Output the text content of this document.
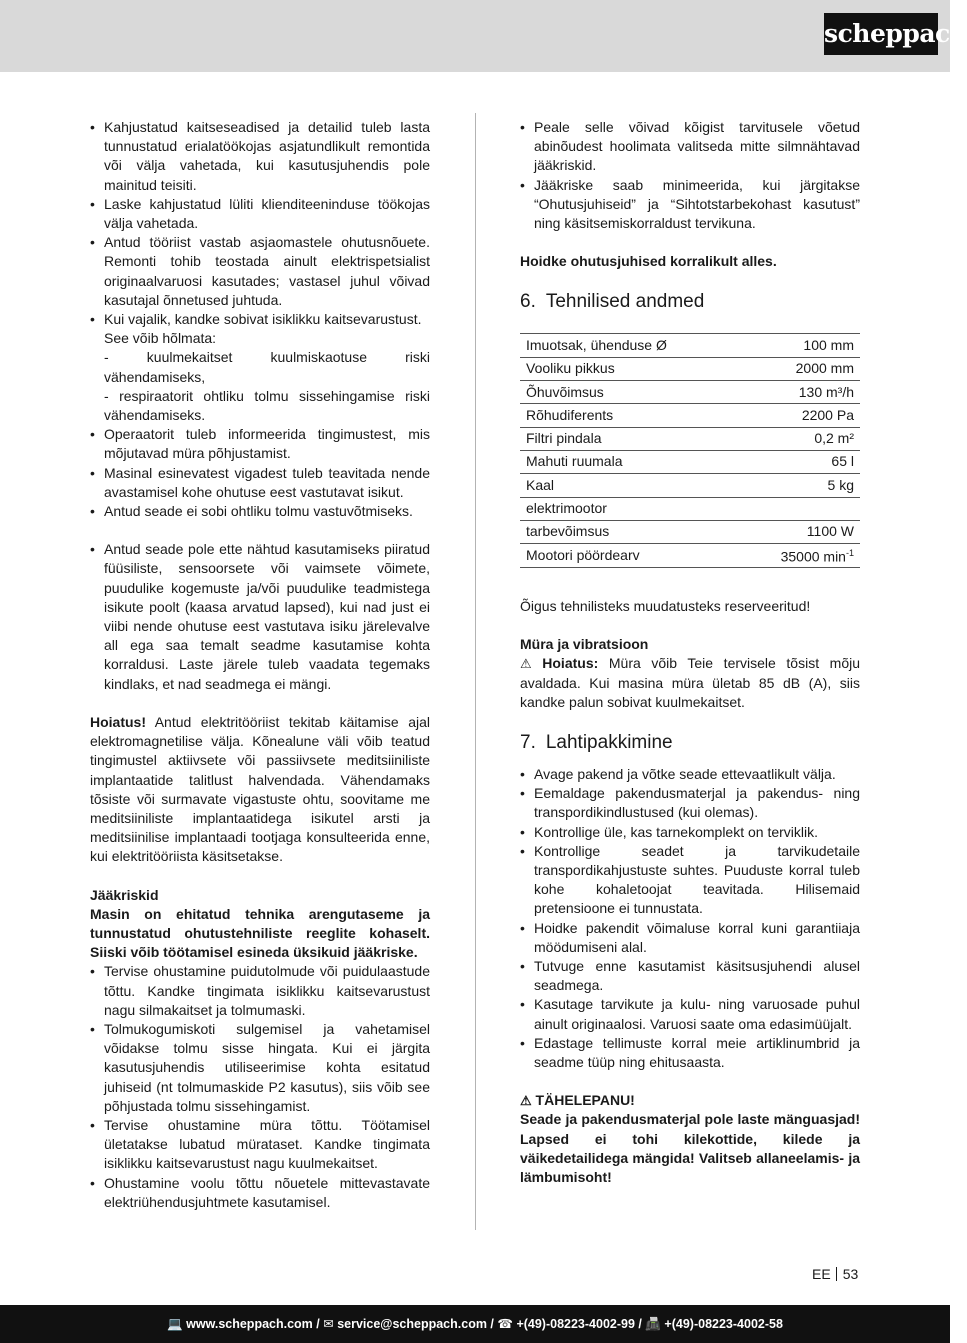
scheppach
• Kahjustatud kaitseseadised ja detailid tuleb lasta tunnustatud erialatöökojas asjatundlikult remontida või välja vahetada, kui kasutusjuhendis pole mainitud teisiti.
• Laske kahjustatud lüliti klienditeeninduse töökojas välja vahetada.
• Antud tööriist vastab asjaomastele ohutusnõuete. Remonti tohib teostada ainult elektrispetsialist originaalvaruosi kasutades; vastasel juhul võivad kasutajal õnnetused juhtuda.
• Kui vajalik, kandke sobivat isiklikku kaitsevarustust.
See võib hõlmata:
- kuulmekaitset kuulmiskaotuse riski vähendamiseks,
- respiraatorit ohtliku tolmu sissehingamise riski vähendamiseks.
• Operaatorit tuleb informeerida tingimustest, mis mõjutavad müra põhjustamist.
• Masinal esinevatest vigadest tuleb teavitada nende avastamisel kohe ohutuse eest vastutavat isikut.
• Antud seade ei sobi ohtliku tolmu vastuvõtmiseks.
• Antud seade pole ette nähtud kasutamiseks piiratud füüsiliste, sensoorsete või vaimsete võimete, puudulike kogemuste ja/või puudulike teadmistega isikute poolt (kaasa arvatud lapsed), kui nad just ei viibi nende ohutuse eest vastutava isiku järelevalve all ega saa temalt seadme kasutamise kohta korraldusi. Laste järele tuleb vaadata tegemaks kindlaks, et nad seadmega ei mängi.

Hoiatus! Antud elektritööriist tekitab käitamise ajal elektromagnetilise välja. Kõnealune väli võib teatud tingimustel aktiivsete või passiivsete meditsiiniliste implantaatide talitlust halvendada. Vähendamaks tõsiste või surmavate vigastuste ohtu, soovitame me meditsiiniliste implantaatidega isikutel arsti ja meditsiinilise implantaadi tootjaga konsulteerida enne, kui elektritööriista käsitsetakse.

Jääkriskid

Masin on ehitatud tehnika arengutaseme ja tunnustatud ohutustehniliste reeglite kohaselt. Siiski võib töötamisel esineda üksikuid jääkriske.

• Tervise ohustamine puidutolmude või puidulaastude tõttu. Kandke tingimata isiklikku kaitsevarustust nagu silmakaitset ja tolmumaski.
• Tolmukogumiskoti sulgemisel ja vahetamisel võidakse tolmu sisse hingata. Kui ei järgita kasutusjuhendis utiliseerimise kohta esitatud juhiseid (nt tolmumaskide P2 kasutus), siis võib see põhjustada tolmu sissehingamist.
• Tervise ohustamine müra tõttu. Töötamisel ületatakse lubatud mürataset. Kandke tingimata isiklikku kaitsevarustust nagu kuulmekaitset.
• Ohustamine voolu tõttu nõuetele mittevastavate elektriühendusjuhtmete kasutamisel.
• Peale selle võivad kõigist tarvitusele võetud abinõudest hoolimata valitseda mitte silmnähtavad jääkriskid.
• Jääkriske saab minimeerida, kui järgitakse “Ohutusjuhiseid” ja “Sihtotstarbekohast kasutust” ning käsitsemiskorraldust tervikuna.

Hoidke ohutusjuhised korralikult alles.

6. Tehnilised andmed
Imuotsak, ühenduse Ø	100 mm
Vooliku pikkus	2000 mm
Õhuvõimsus	130 m³/h
Rõhudiferents	2200 Pa
Filtri pindala	0,2 m²
Mahuti ruumala	65 l
Kaal	5 kg
elektrimootor	
tarbevõimsus	1100 W
Mootori pöördearv	35000 $\min^{-1}$

Õigus tehnilisteks muudatusteks reserveeritud!

Müra ja vibratsioon

⚠ Hoiatus: Müra võib Teie tervisele tõsist mõju avaldada. Kui masina müra ületab 85 dB (A), siis kandke palun sobivat kuulmekaitset.

7. Lahtipakkimine
• Avage pakend ja võtke seade ettevaatlikult välja.
• Eemaldage pakendusmaterjal ja pakendus- ning transpordikindlustused (kui olemas).
• Kontrollige üle, kas tarnekomplekt on terviklik.
• Kontrollige seadet ja tarvikudetaile transpordikahjustuste suhtes. Puuduste korral tuleb kohe kohaletoojat teavitada. Hilisemaid pretensioone ei tunnustata.
• Hoidke pakendit võimaluse korral kuni garantiiaja möödumiseni alal.
• Tutvuge enne kasutamist käsitsusjuhendi alusel seadmega.
• Kasutage tarvikute ja kulu- ning varuosade puhul ainult originaalosi. Varuosi saate oma edasimüüjalt.
• Edastage tellimuste korral meie artiklinumbrid ja seadme tüüp ning ehitusaasta.

⚠ TÄHELEPANU!

Seade ja pakendusmaterjal pole laste mänguasjad! Lapsed ei tohi kilekottide, kilede ja väikedetailidega mängida! Valitseb allaneelamis- ja lämbumisoht!

EE 53
💻 www.scheppach.com / ✉ service@scheppach.com / ☎ +(49)-08223-4002-99 / 📠 +(49)-08223-4002-58
